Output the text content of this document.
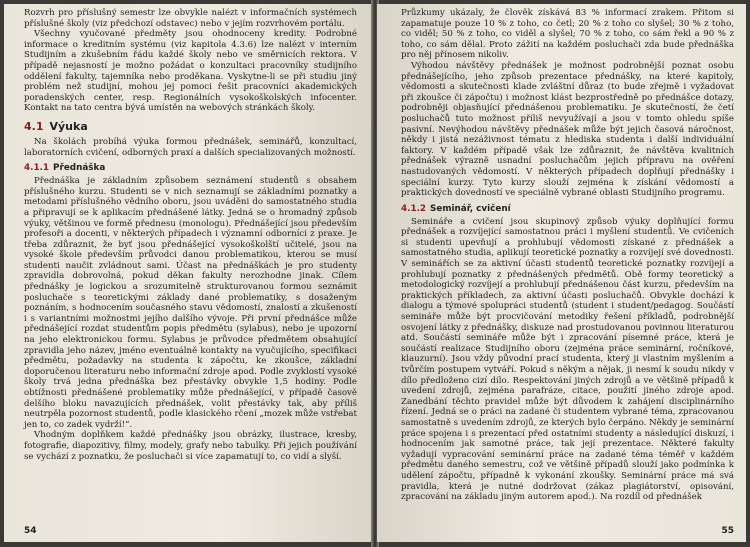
Rozvrh pro příslušný semestr lze obvykle nalézt v informačních systémech příslušné školy (viz předchozí odstavec) nebo v jejím rozvrhovém portálu.

Všechny vyučované předměty jsou ohodnoceny kredity. Podrobné informace o kreditním systému (viz kapitola 4.3.6) lze nalézt v interním Studijním a zkušebním řádu každé školy nebo ve směrnicích rektora. V případě nejasností je možno požádat o konzultaci pracovníky studijního oddělení fakulty, tajemníka nebo proděkana. Vyskytne-li se při studiu jiný problém než studijní, mohou jej pomoci řešit pracovníci akademických poradenských center, resp. Regionálních vysokoškolských infocenter. Kontakt na tato centra bývá umístěn na webových stránkách školy.

4.1 Výuka

Na školách probíhá výuka formou přednášek, seminářů, konzultací, laboratorních cvičení, odborných praxí a dalších specializovaných možností.

4.1.1 Přednáška

Přednáška je základním způsobem seznámení studentů s obsahem příslušného kurzu. Studenti se v nich seznamují se základními poznatky a metodami příslušného vědního oboru, jsou uváděni do samostatného studia a připravují se k aplikacím přednášené látky. Jedná se o hromadný způsob výuky, většinou ve formě přednesu (monologu). Přednášející jsou především profesoři a docenti, v některých případech i významní odborníci z praxe. Je třeba zdůraznit, že byť jsou přednášející vysokoškolští učitelé, jsou na vysoké škole především průvodci danou problematikou, kterou se musí studenti naučit zvládnout sami. Účast na přednáškách je pro studenty zpravidla dobrovolná, pokud děkan fakulty nerozhodne jinak. Cílem přednášky je logickou a srozumitelně strukturovanou formou seznámit posluchače s teoretickými základy dané problematiky, s dosaženým poznáním, s hodnocením současného stavu vědomostí, znalostí a zkušeností i s variantními možnostmi jejího dalšího vývoje. Při první přednášce může přednášející rozdat studentům popis předmětu (sylabus), nebo je upozorní na jeho elektronickou formu. Sylabus je průvodce předmětem obsahující zpravidla jeho název, jméno eventuálně kontakty na vyučujícího, specifikaci předmětu, požadavky na studenta k zápočtu, ke zkoušce, základní doporučenou literaturu nebo informační zdroje apod. Podle zvyklostí vysoké školy trvá jedna přednáška bez přestávky obvykle 1,5 hodiny. Podle obtížnosti přednášené problematiky může přednášející, v případě časově delšího bloku navazujících přednášek, volit přestávky tak, aby příliš neutrpěla pozornost studentů, podle klasického rčení „mozek může vstřebat jen to, co zadek vydrží!“.

Vhodným doplňkem každé přednášky jsou obrázky, ilustrace, kresby, fotografie, diapozitivy, filmy, modely, grafy nebo tabulky. Při jejich používání se vychází z poznatku, že posluchači si více zapamatují to, co vidí a slyší.

54

Průzkumy ukázaly, že člověk získává 83 % informací zrakem. Přitom si zapamatuje pouze 10 % z toho, co četl; 20 % z toho co slyšel; 30 % z toho, co viděl; 50 % z toho, co viděl a slyšel; 70 % z toho, co sám řekl a 90 % z toho, co sám dělal. Proto zážití na každém posluchači zda bude přednáška pro něj přínosem nikoliv.

Výhodou návštěvy přednášek je možnost podrobnější poznat osobu přednášejícího, jeho způsob prezentace přednášky, na které kapitoly, vědomosti a skutečnosti klade zvláštní důraz (to bude zřejmě i vyžadovat při zkoušce či zápočtu) i možnost klást bezprostředně po přednášce dotazy, podrobněji objasňující přednášenou problematiku. Je skutečností, že četí posluchačů tuto možnost příliš nevyužívají a jsou v tomto ohledu spíše pasivní. Nevýhodou návštěvy přednášek může být jejich časová náročnost, někdy i jistá nezáživnost tématu z hlediska studenta i další individuální faktory. V každém případě však lze zdůraznit, že návštěva kvalitních přednášek výrazně usnadní posluchačům jejich přípravu na ověření nastudovaných vědomostí. V některých případech doplňují přednášky i speciální kurzy. Tyto kurzy slouží zejména k získání vědomostí a praktických dovedností ve speciálně vybrané oblasti Studijního programu.

4.1.2 Seminář, cvičení

Semináře a cvičení jsou skupinový způsob výuky doplňující formu přednášek a rozvíjející samostatnou práci i myšlení studentů. Ve cvičeních si studenti upevňují a prohlubují vědomosti získané z přednášek a samostatného studia, aplikují teoretické poznatky a rozvíjejí své dovednosti. V seminářích se za aktivní účasti studentů teoretické poznatky rozvíjejí a prohlubují poznatky z přednášených předmětů. Obě formy teoretický a metodologický rozvíjejí a prohlubují přednášenou část kurzu, především na praktických příkladech, za aktivní účasti posluchačů. Obvykle dochází k dialogu a týmové spolupráci studentů (student i student/pedagog. Součástí semináře může být procvičování metodiky řešení příkladů, podrobnější osvojení látky z přednášky, diskuze nad prostudovanou povinnou literaturou atd. Součástí semináře může být i zpracování písemné práce, která je součástí realizace Studijního oboru (zejména práce seminární, ročníkové, klauzurní). Jsou vždy původní prací studenta, který ji vlastním myšlením a tvůrčím postupem vytváří. Pokud s někým a nějak, ji nesmí k soudu nikdy v dílo předloženo cizí dílo. Respektování jiných zdrojů a ve většině případů k uvedení zdrojů, zejména parafráze, citace, použití jiného zdroje apod. Zanedbání těchto pravidel může být důvodem k zahájení disciplinárního řízení. Jedná se o práci na zadané či studentem vybrané téma, zpracovanou samostatně s uvedením zdrojů, ze kterých bylo čerpáno. Někdy je seminární práce spojena i s prezentací před ostatními studenty a následující diskuzí, i hodnocením jak samotné práce, tak její prezentace. Některé fakulty vyžadují vypracování seminární práce na zadané téma téměř v každém předmětu daného semestru, což ve většině případů slouží jako podmínka k udělení zápočtu, případně k vykonání zkoušky. Seminární práce má svá pravidla, která je nutné dodržovat (zákaz plagiátorství, opisování, zpracování na základu jiným autorem apod.). Na rozdíl od přednášek

55
